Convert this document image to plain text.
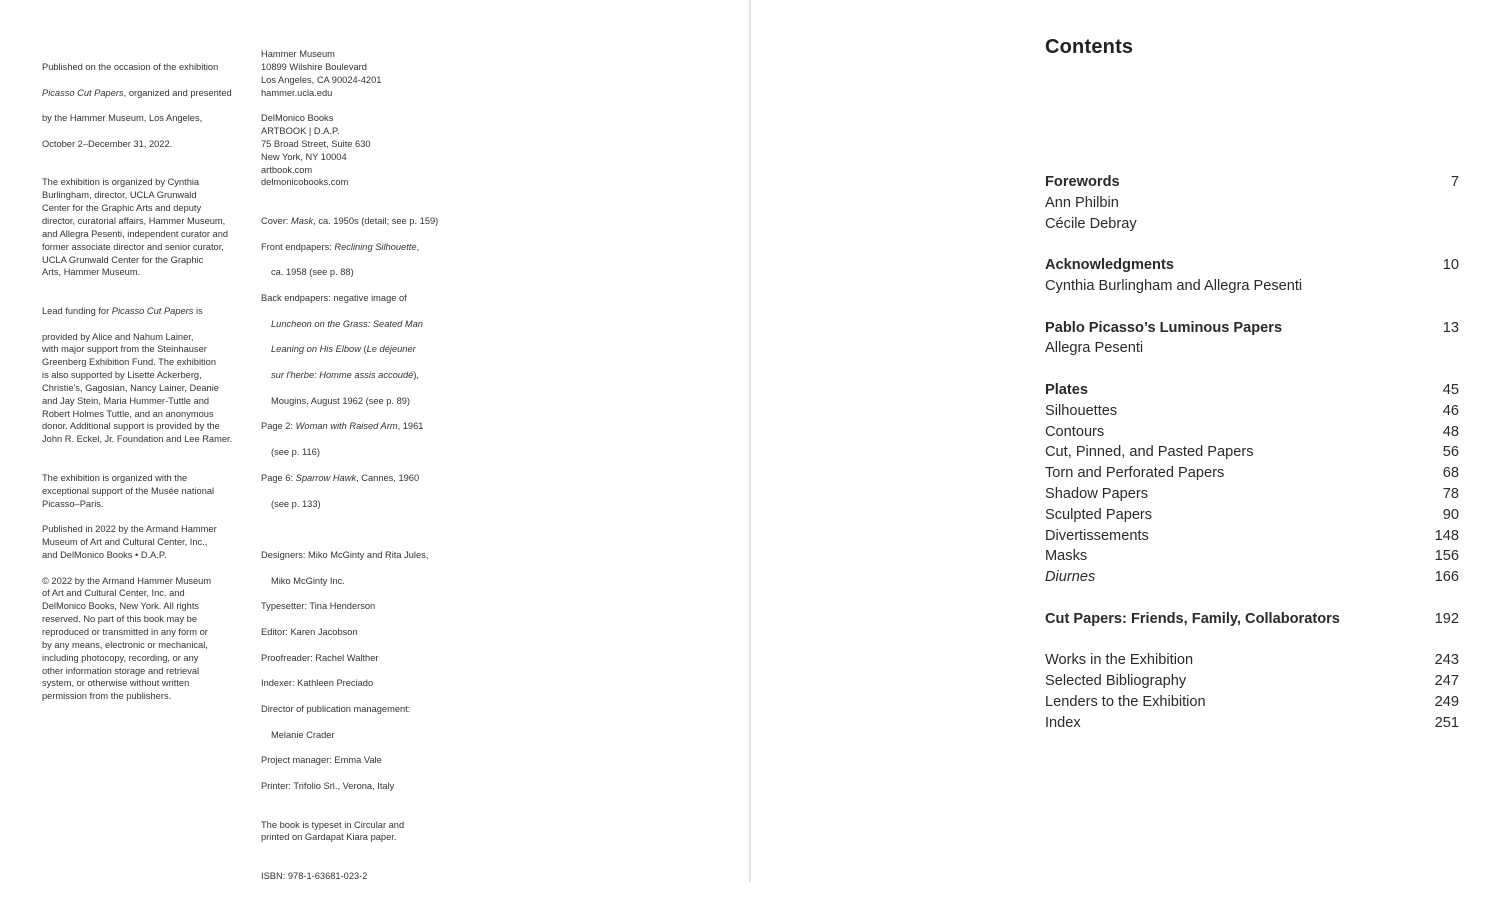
Published on the occasion of the exhibition

Picasso Cut Papers, organized and presented

by the Hammer Museum, Los Angeles,

October 2–December 31, 2022.

The exhibition is organized by Cynthia
Burlingham, director, UCLA Grunwald
Center for the Graphic Arts and deputy
director, curatorial affairs, Hammer Museum,
and Allegra Pesenti, independent curator and
former associate director and senior curator,
UCLA Grunwald Center for the Graphic
Arts, Hammer Museum.

Lead funding for Picasso Cut Papers is

provided by Alice and Nahum Lainer,
with major support from the Steinhauser
Greenberg Exhibition Fund. The exhibition
is also supported by Lisette Ackerberg,
Christie's, Gagosian, Nancy Lainer, Deanie
and Jay Stein, Maria Hummer-Tuttle and
Robert Holmes Tuttle, and an anonymous
donor. Additional support is provided by the
John R. Eckel, Jr. Foundation and Lee Ramer.

The exhibition is organized with the
exceptional support of the Musée national
Picasso–Paris.
Published in 2022 by the Armand Hammer
Museum of Art and Cultural Center, Inc.,
and DelMonico Books • D.A.P.
© 2022 by the Armand Hammer Museum
of Art and Cultural Center, Inc. and
DelMonico Books, New York. All rights
reserved. No part of this book may be
reproduced or transmitted in any form or
by any means, electronic or mechanical,
including photocopy, recording, or any
other information storage and retrieval
system, or otherwise without written
permission from the publishers.
Hammer Museum
10899 Wilshire Boulevard
Los Angeles, CA 90024-4201
hammer.ucla.edu
DelMonico Books
ARTBOOK | D.A.P.
75 Broad Street, Suite 630
New York, NY 10004
artbook.com
delmonicobooks.com

Cover: Mask, ca. 1950s (detail; see p. 159)

Front endpapers: Reclining Silhouette,

ca. 1958 (see p. 88)

Back endpapers: negative image of

Luncheon on the Grass: Seated Man

Leaning on His Elbow (Le déjeuner

sur l'herbe: Homme assis accoudé),

Mougins, August 1962 (see p. 89)

Page 2: Woman with Raised Arm, 1961

(see p. 116)

Page 6: Sparrow Hawk, Cannes, 1960

(see p. 133)

Designers: Miko McGinty and Rita Jules,

Miko McGinty Inc.

Typesetter: Tina Henderson

Editor: Karen Jacobson

Proofreader: Rachel Walther

Indexer: Kathleen Preciado

Director of publication management:

Melanie Crader

Project manager: Emma Vale

Printer: Trifolio Srl., Verona, Italy

The book is typeset in Circular and
printed on Gardapat Kiara paper.

ISBN: 978-1-63681-023-2

Contents
Forewords	7
Ann Philbin
Cécile Debray
Acknowledgments	10
Cynthia Burlingham and Allegra Pesenti
Pablo Picasso’s Luminous Papers	13
Allegra Pesenti
Plates	45
Silhouettes	46
Contours	48
Cut, Pinned, and Pasted Papers	56
Torn and Perforated Papers	68
Shadow Papers	78
Sculpted Papers	90
Divertissements	148
Masks	156
Diurnes	166
Cut Papers: Friends, Family, Collaborators	192
Works in the Exhibition	243
Selected Bibliography	247
Lenders to the Exhibition	249
Index	251
